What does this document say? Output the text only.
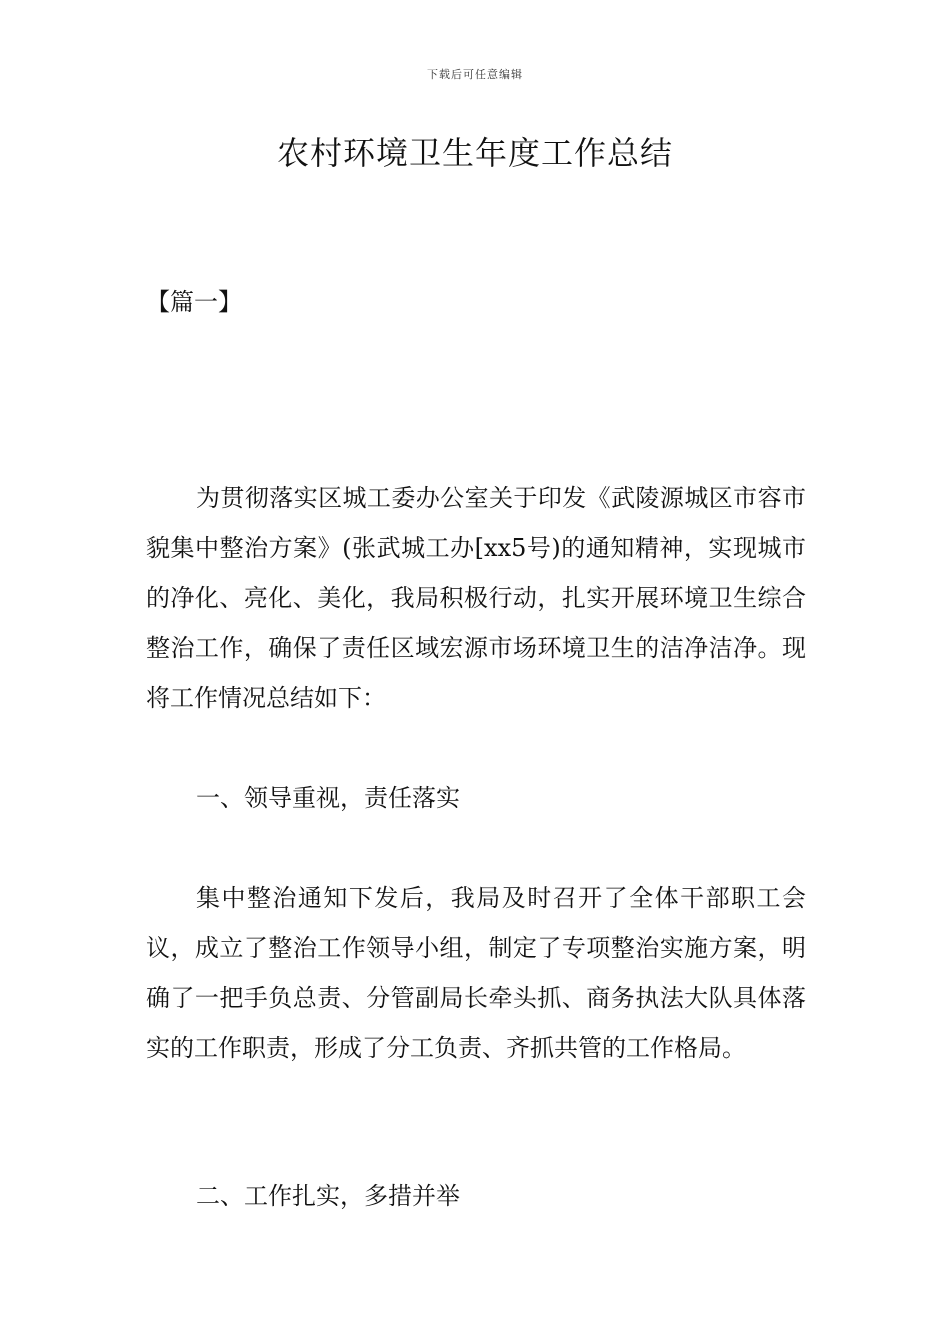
下载后可任意编辑
农村环境卫生年度工作总结
【篇一】

为贯彻落实区城工委办公室关于印发《武陵源城区市容市貌集中整治方案》(张武城工办[xx5号)的通知精神，实现城市的净化、亮化、美化，我局积极行动，扎实开展环境卫生综合整治工作，确保了责任区域宏源市场环境卫生的洁净洁净。现将工作情况总结如下：

一、领导重视，责任落实

集中整治通知下发后，我局及时召开了全体干部职工会议，成立了整治工作领导小组，制定了专项整治实施方案，明确了一把手负总责、分管副局长牵头抓、商务执法大队具体落实的工作职责，形成了分工负责、齐抓共管的工作格局。

二、工作扎实，多措并举
